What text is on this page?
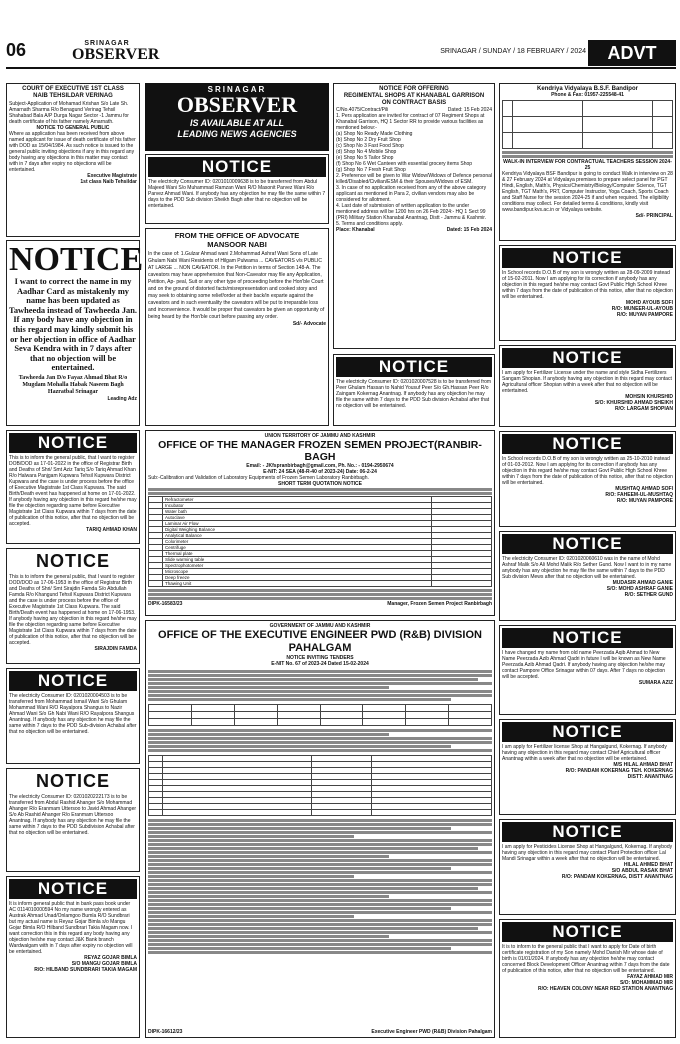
06	SRINAGAR
OBSERVER	SRINAGAR / SUNDAY / 18 FEBRUARY / 2024	ADVT
COURT OF EXECUTIVE 1ST CLASS
NAIB TEHSILDAR VERINAG
Subject-Application of Mohamad Krishan S/o Late Sh. Amarnath Sharma R/o Benagund Verinag Tehsil Shahabad Bala A/P Durga Nagar Sector -1 Jammu for death certificate of his father namely Amarnath.
NOTICE TO GENERAL PUBLIC
Where as application has been received from above named applicant for issue of death certificate of his father with DOD as 15/04/1984. As such notice is issued to the general public inviting objections if any in this regard any body having any objections in this matter may contact with in 7 days after expiry no objections will be entertained.
Executive Magistrate
1st class Naib Tehsildar
NOTICE
I want to correct the name in my Aadhar Card as mistakenly my name has been updated as Tawheeda instead of Tawheeda Jan. If any body have any objection in this regard may kindly submit his or her objection in office of Aadhar Seva Kendra with in 7 days after that no objection will be entertained.
Tawheeda Jan D/o Fayaz Ahmad Bhat R/o Mugdam Mohalla Habak Naseem Bagh Hazratbal Srinagar
Leading Adz
NOTICE
This is to inform the general public, that I want to register DOB/DOD as 17-01-2022 in the office of Registrar Birth and Deaths of Shri/ Smt Aziz Tariq S/o Tariq Ahmad Khan R/o Halwara Panjgam Kupwara Tehsil Kupwara District Kupwara and the case is under process before the office of Executive Magistrate 1st Class Kupwara. The said Birth/Death event has happened at home on 17-01-2022. If anybody having any objection in this regard he/she may file the objection regarding same before Executive Magistrate 1st Class Kupwara within 7 days from the date of publication of this notice, after that no objection will be accepted.
TARIQ AHMAD KHAN
NOTICE
This is to inform the general public, that I want to register DOD/DOD as 17-06-1953 in the office of Registrar Birth and Deaths of Shri/ Smt Sirajdin Famda S/o Abdullah Famda R/o Khangund Tehsil Kupwara District Kupwara and the case is under process before the office of Executive Magistrate 1st Class Kupwara. The said Birth/Death event has happened at home on 17-06-1953. If anybody having any objection in this regard he/she may file the objection regarding same before Executive Magistrate 1st Class Kupwara within 7 days from the date of publication of this notice, after that no objection will be accepted.
SIRAJDIN FAMDA
NOTICE
The electricity Consumer ID: 0201020004503 is to be transferred from Mohammad Ismail Wani S/o Ghulam Mohammad Wani R/O Rayalpora Shangus to Nazir Ahmad Wani S/o Gh Nabi Wani R/O Rayalpora Shangus Anantnag. If anybody has any objection he may file the same within 7 days to the PDD Sub-division Achabal after that no objection will be entertained.
NOTICE
The electricity Consumer ID: 0201020222173 is to be transferred from Abdul Rashid Ahanger S/o Mohammad Ahanger R/o Eranmam Uttersoo to Javid Ahmad Ahanger S/o Ab Rashid Ahanger R/o Eranmam Uttersoo Anantnag. If anybody has any objection he may file the same within 7 days to the PDD Subdivision Achabal after that no objection will be entertained.
NOTICE
It is inform general public that in bank pass book under AC 0114010000594 No my name wrongly entered as Austrak Ahmad Unad/Onlamgoo Bumla R/O Sundbrari but my actual name is Reyaz Gojar Bimla s/o Mangu Gojar Bimla R/O Hilband Sundbrari Takia Magam now. I want correction this in this regard any body having any objection he/she may contact J&K Bank branch Wardwalgam with in 7 days after expiry no objection will be entertained.
REYAZ GOJAR BIMLA
S/O MANGU GOJAR BIMLA
R/O: HILBAND SUNDBRARI TAKIA MAGAM
SRINAGAR
OBSERVER
IS AVAILABLE AT ALL LEADING NEWS AGENCIES
NOTICE
The electricity Consumer ID: 0201010009638 is to be transferred from Abdul Majeed Wani S/o Muhammad Ramzan Wani R/O Masonit Parvez Wani R/o Parvez Ahmad Wani. If anybody has any objection he may file the same within 7 days to the PDD Sub division Sheikh Bagh after that no objection will be entertained.
FROM THE OFFICE OF ADVOCATE
MANSOOR NABI
In the case of: 1.Gulzar Ahmad wani 2.Mohammad Ashraf Wani Sons of Late Ghulam Nabi Wani Residents of Hilgam Pulwama ... CAVEATORS v/s PUBLIC AT LARGE ... NON CAVEATOR. In the Petition in terms of Section 148-A. The caveators may have apprehension that Non-Caveator may file any Application, Petition, Ap- peal, Suit or any other type of proceeding before the Hon'ble Court and on the ground of distorted facts/misrepresentation and cooked story and may seek to obtaining some relief/order at their back/in exparte against the caveators and in such eventuality the caveators will be put to irreparable loss and inconvenience. It would be proper that caveators be given an opportunity of being heard by the Hon'ble court before passing any order.
Sd/- Advocate
NOTICE FOR OFFERING
REGIMENTAL SHOPS AT KHANABAL GARRISON
ON CONTRACT BASIS
C/No.4075/Contract/Pili	Dated: 15 Feb 2024
1. Pers application are invited for contract of 07 Regiment Shops at Khanabal Garrison, HQ 1 Sector RR to provide various facilities as mentioned below:-
(a) Shop No Ready Made Clothing
(b) Shop No 2 Dry Fruit Shop
(c) Shop No 3 Fast Food Shop
(d) Shop No 4 Mobile Shop
(e) Shop No 5 Tailor Shop
(f) Shop No 6 Wet Canteen with essential grocery items Shop
(g) Shop No 7 Fresh Fruit Shop
2. Preference will be given to War Widow/Widows of Defence personal killed/Disabled/Civilian/ESM & their Spouses/Widows of ESM.
3. In case of no application received from any of the above category applicant as mentioned in Para 2, civilian vendors may also be considered for allotment.
4. Last date of submission of written application to the under mentioned address will be 1200 hrs on 26 Feb 2024:- HQ 1 Sect 99 (PRI) Military Station Khanabal Anantnag, Distt - Jammu & Kashmir.
5. Terms and conditions apply.
Place: Khanabal	Dated: 15 Feb 2024
NOTICE
The electricity Consumer ID: 0201020007528 is to be transferred from Peer Ghulam Hassan to Nahid Yousuf Peer S/o Gh.Hassan Peer R/o Zaingam Kokernag Anantnag. If anybody has any objection he may file the same within 7 days to the PDD Sub division Achabal after that no objection will be entertained.
UNION TERRITORY OF JAMMU AND KASHMIR
OFFICE OF THE MANAGER FROZEN SEMEN PROJECT(RANBIR-BAGH
Email: - JKfspranbirbagh@gmail.com, Ph. No.: - 0194-2950674
E-NIT: 24 SEA (48-R-40 of 2023-24) Date: 06-2-24
Sub:-Calibration and Validation of Laboratory Equipments of Frozen Semen Laboratory Ranbirbagh.
SHORT TERM QUOTATION NOTICE
	Refractometer	
	Incubator	
	Water bath	
	Autoclave	
	Laminar Air Flow	
	Digital Weighing Balance	
	Analytical Balance	
	Colorimeter	
	Centrifuge	
	Thermal plate	
	Slide warming table	
	Spectrophotometer	
	Microscope	
	Deep freeze	
	Thawing Unit	
DIPK-16583/23	Manager, Frozen Semen Project Ranbirbagh
GOVERNMENT OF JAMMU AND KASHMIR
OFFICE OF THE EXECUTIVE ENGINEER PWD (R&B) DIVISION PAHALGAM
NOTICE INVITING TENDERS
E-NIT No. 67 of 2023-24 Dated 15-02-2024

DIPK-16612/23	Executive Engineer PWD (R&B) Division Pahalgam
Kendriya Vidyalaya B.S.F. Bandipor
Phone & Fax: 01957-225548-41

WALK-IN INTERVIEW FOR CONTRACTUAL TEACHERS SESSION 2024-25
Kendriya Vidyalaya BSF Bandipur is going to conduct Walk in interview on 28 & 27 February 2024 at Vidyalaya premises to prepare select panel for PGT Hindi, English, Math's, Physics/Chemistry/Biology/Computer Science, TGT English, TGT Math's, PRT, Computer Instructor, Yoga Coach, Sports Coach and Staff Nurse for the session 2024-25 if and when required. The eligibility conditions may collect. For detailed terms & conditions, kindly visit www.bandipur.kvs.ac.in or Vidyalaya website.
Sd/- PRINCIPAL
NOTICE
In School records D.O.B of my son is wrongly written as 28-09-2009 instead of 15-02-2011. Now I am applying for its correction if anybody has any objection in this regard he/she may contact Govt Public High School Khree within 7 days from the date of publication of this notice, after that no objection will be entertained.
MOHD AYOUB SOFI
R/O: MUNEER-UL-AYOUB
R/O: MUYAN PAMPORE
NOTICE
I am apply for Fertilizer License under the name and style Sidha Fertilizers Sangam Shopian. If anybody having any objection in this regard may contact Agricultural officer Shopian within a week after that no objection will be entertained.
MOHSIN KHURSHID
S/O: KHURSHID AHMAD SHEIKH
R/O: LARGAM SHOPIAN
NOTICE
In School records D.O.B of my son is wrongly written as 25-10-2010 instead of 01-03-2012. Now I am applying for its correction if anybody has any objection in this regard he/she may contact Govt Public High School Khree within 7 days from the date of publication of this notice, after that no objection will be entertained.
MUSHTAQ AHMAD SOFI
R/O: FAHEEM-UL-MUSHTAQ
R/O: MUYAN PAMPORE
NOTICE
The electricity Consumer ID: 0201020060610 was in the name of Mohd Ashraf Malik S/o Ali Mohd Malik R/o Sether Gund. Now I want to in my name anybody has any objection he may file the same within 7 days to the PDD Sub division Mews after that no objection will be entertained.
MUDASIR AHMAD GANIE
S/O: MOHD ASHRAF GANIE
R/O: SETHER GUND
NOTICE
I have changed my name from old name Peerzada Aqib Ahmad to New Name Peerzada Azib Ahmad Qadri in future I will be known as New Name Peerzada Azib Ahmad Qadri. If anybody having any objection he/she may contact Pampore Office Srinagar within 07 days. After 7 days no objection will be accepted.
SUMARA AZIZ
NOTICE
I am apply for Fertilizer license Shop at Hangalgund, Kokernag. If anybody having any objection in this regard may contact Chief Agricultural officer Anantnag within a week after that no objection will be entertained.
M/S HILAL AHMAD BHAT
R/O: PANDAM KOKERNAG TEH. KOKERNAG
DISTT: ANANTNAG
NOTICE
I am apply for Pesticides License Shop at Hangalgund, Kokernag. If anybody having any objection in this regard may contact Plant Protection officer Lal Mandi Srinagar within a week after that no objection will be entertained.
HILAL AHMED BHAT
S/O ABDUL RASAK BHAT
R/O: PANDAM KOKERNAG, DISTT ANANTNAG
NOTICE
It is to inform to the general public that I want to apply for Date of birth certificate registration of my Son namely Mohd Danish Mir whose date of birth is 01/01/2024. If anybody has any objection he/she may contact concerned Block Development Officer Anantnag within 7 days from the date of publication of this notice, after that no objection will be entertained.
FAYAZ AHMAD MIR
S/O: MOHAMMAD MIR
R/O: HEAVEN COLONY NEAR RED STATION ANANTNAG
